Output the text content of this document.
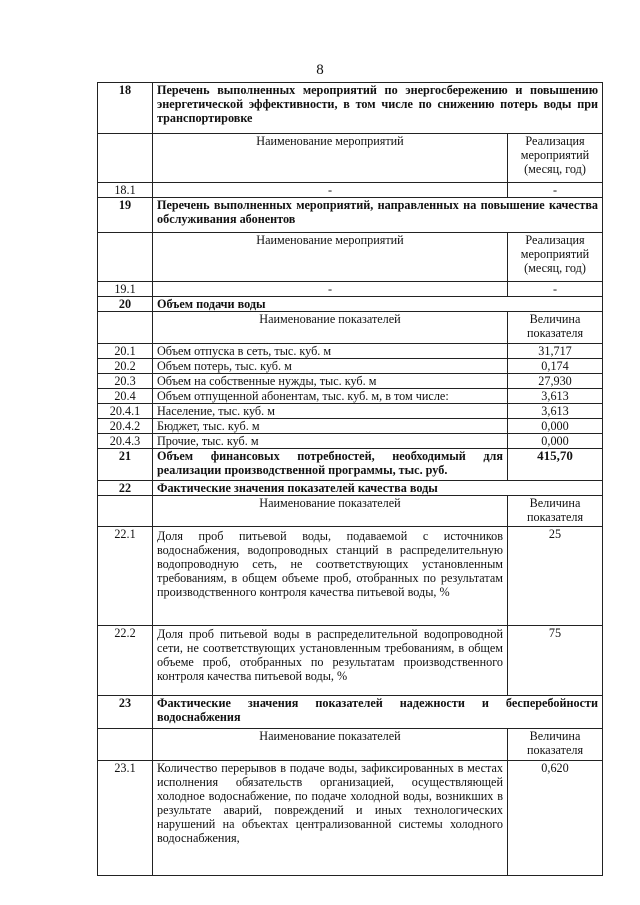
8
18	Перечень выполненных мероприятий по энергосбережению и повышению энергетической эффективности, в том числе по снижению потерь воды при транспортировке	
	Наименование мероприятий	Реализация мероприятий (месяц, год)
18.1	-	-
19	Перечень выполненных мероприятий, направленных на повышение качества обслуживания абонентов	
	Наименование мероприятий	Реализация мероприятий (месяц, год)
19.1	-	-
20	Объем подачи воды	
	Наименование показателей	Величина показателя
20.1	Объем отпуска в сеть, тыс. куб. м	31,717
20.2	Объем потерь, тыс. куб. м	0,174
20.3	Объем на собственные нужды, тыс. куб. м	27,930
20.4	Объем отпущенной абонентам, тыс. куб. м, в том числе:	3,613
20.4.1	Население, тыс. куб. м	3,613
20.4.2	Бюджет, тыс. куб. м	0,000
20.4.3	Прочие, тыс. куб. м	0,000
21	Объем финансовых потребностей, необходимый для реализации производственной программы, тыс. руб.	415,70
22	Фактические значения показателей качества воды	
	Наименование показателей	Величина показателя
22.1	Доля проб питьевой воды, подаваемой с источников водоснабжения, водопроводных станций в распределительную водопроводную сеть, не соответствующих установленным требованиям, в общем объеме проб, отобранных по результатам производственного контроля качества питьевой воды, %	25
22.2	Доля проб питьевой воды в распределительной водопроводной сети, не соответствующих установленным требованиям, в общем объеме проб, отобранных по результатам производственного контроля качества питьевой воды, %	75
23	Фактические значения показателей надежности и бесперебойности водоснабжения	
	Наименование показателей	Величина показателя
23.1	Количество перерывов в подаче воды, зафиксированных в местах исполнения обязательств организацией, осуществляющей холодное водоснабжение, по подаче холодной воды, возникших в результате аварий, повреждений и иных технологических нарушений на объектах централизованной системы холодного водоснабжения,	0,620
